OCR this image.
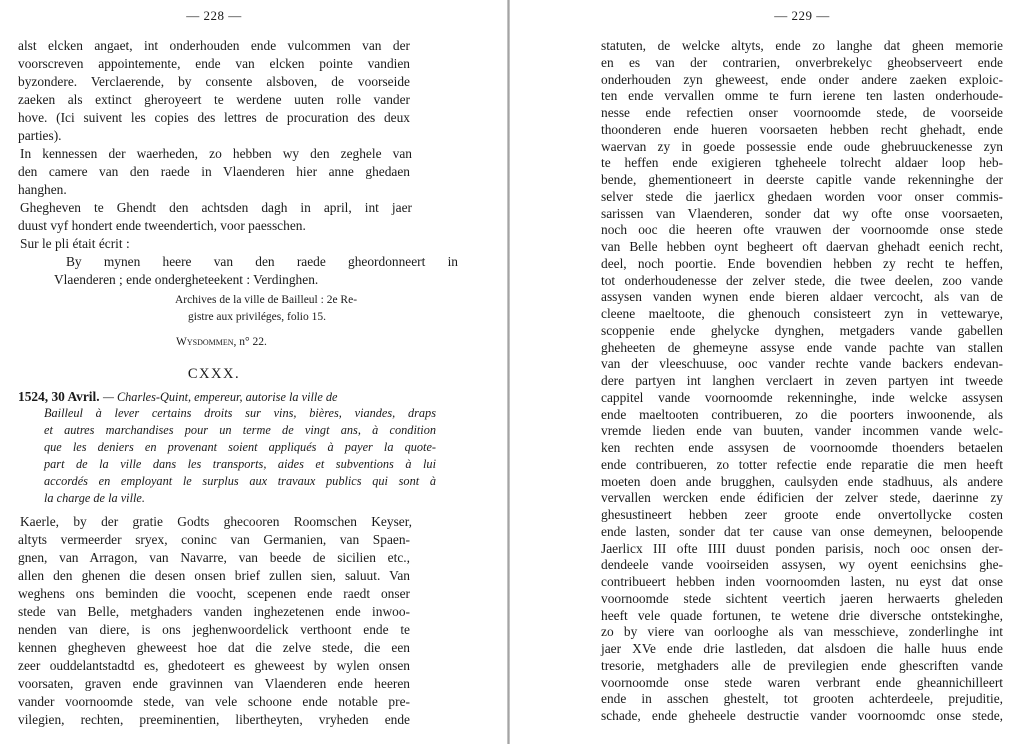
— 228 —
alst elcken angaet, int onderhouden ende vulcommen van der
voorscreven appointemente, ende van elcken pointe vandien
byzondere. Verclaerende, by consente alsboven, de voorseide
zaeken als extinct gheroyeert te werdene uuten rolle vander
hove. (Ici suivent les copies des lettres de procuration des deux
parties).
In kennessen der waerheden, zo hebben wy den zeghele van
den camere van den raede in Vlaenderen hier anne ghedaen
hanghen.
Ghegheven te Ghendt den achtsden dagh in april, int jaer
duust vyf hondert ende tweendertich, voor paesschen.
Sur le pli était écrit :
By mynen heere van den raede gheordonneert in
Vlaenderen ; ende ondergheteekent : Verdinghen.
Archives de la ville de Bailleul : 2e Re-
gistre aux priviléges, folio 15.
Wysdommen, n° 22.
CXXX.
1524, 30 Avril. — Charles-Quint, empereur, autorise la ville de
Bailleul à lever certains droits sur vins, bières, viandes, draps
et autres marchandises pour un terme de vingt ans, à condition
que les deniers en provenant soient appliqués à payer la quote-
part de la ville dans les transports, aides et subventions à lui
accordés en employant le surplus aux travaux publics qui sont à
la charge de la ville.
Kaerle, by der gratie Godts ghecooren Roomschen Keyser,
altyts vermeerder sryex, coninc van Germanien, van Spaen-
gnen, van Arragon, van Navarre, van beede de sicilien etc.,
allen den ghenen die desen onsen brief zullen sien, saluut. Van
weghens ons beminden die voocht, scepenen ende raedt onser
stede van Belle, metghaders vanden inghezetenen ende inwoo-
nenden van diere, is ons jeghenwoordelick verthoont ende te
kennen ghegheven gheweest hoe dat die zelve stede, die een
zeer ouddelantstadtd es, ghedoteert es gheweest by wylen onsen
voorsaten, graven ende gravinnen van Vlaenderen ende heeren
vander voornoomde stede, van vele schoone ende notable pre-
vilegien, rechten, preeminentien, libertheyten, vryheden ende
— 229 —
statuten, de welcke altyts, ende zo langhe dat gheen memorie
en es van der contrarien, onverbrekelyc gheobserveert ende
onderhouden zyn gheweest, ende onder andere zaeken exploic-
ten ende vervallen omme te furn ierene ten lasten onderhoude-
nesse ende refectien onser voornoomde stede, de voorseide
thoonderen ende hueren voorsaeten hebben recht ghehadt, ende
waervan zy in goede possessie ende oude ghebruuckenesse zyn
te heffen ende exigieren tgheheele tolrecht aldaer loop heb-
bende, ghementioneert in deerste capitle vande rekenninghe der
selver stede die jaerlicx ghedaen worden voor onser commis-
sarissen van Vlaenderen, sonder dat wy ofte onse voorsaeten,
noch ooc die heeren ofte vrauwen der voornoomde onse stede
van Belle hebben oynt begheert oft daervan ghehadt eenich recht,
deel, noch poortie. Ende bovendien hebben zy recht te heffen,
tot onderhoudenesse der zelver stede, die twee deelen, zoo vande
assysen vanden wynen ende bieren aldaer vercocht, als van de
cleene maeltoote, die ghenouch consisteert zyn in vettewarye,
scoppenie ende ghelycke dynghen, metgaders vande gabellen
gheheeten de ghemeyne assyse ende vande pachte van stallen
van der vleeschuuse, ooc vander rechte vande backers endevan-
dere partyen int langhen verclaert in zeven partyen int tweede
cappitel vande voornoomde rekenninghe, inde welcke assysen
ende maeltooten contribueren, zo die poorters inwoonende, als
vremde lieden ende van buuten, vander incommen vande welc-
ken rechten ende assysen de voornoomde thoenders betaelen
ende contribueren, zo totter refectie ende reparatie die men heeft
moeten doen ande brugghen, caulsyden ende stadhuus, als andere
vervallen wercken ende édificien der zelver stede, daerinne zy
ghesustineert hebben zeer groote ende onvertollycke costen
ende lasten, sonder dat ter cause van onse demeynen, beloopende
Jaerlicx III ofte IIII duust ponden parisis, noch ooc onsen der-
dendeele vande vooirseiden assysen, wy oyent eenichsins ghe-
contribueert hebben inden voornoomden lasten, nu eyst dat onse
voornoomde stede sichtent veertich jaeren herwaerts gheleden
heeft vele quade fortunen, te wetene drie diversche ontstekinghe,
zo by viere van oorlooghe als van messchieve, zonderlinghe int
jaer XVe ende drie lastleden, dat alsdoen die halle huus ende
tresorie, metghaders alle de previlegien ende ghescriften vande
voornoomde onse stede waren verbrant ende gheannichilleert
ende in asschen ghestelt, tot grooten achterdeele, prejuditie,
schade, ende gheheele destructie vander voornoomdc onse stede,
